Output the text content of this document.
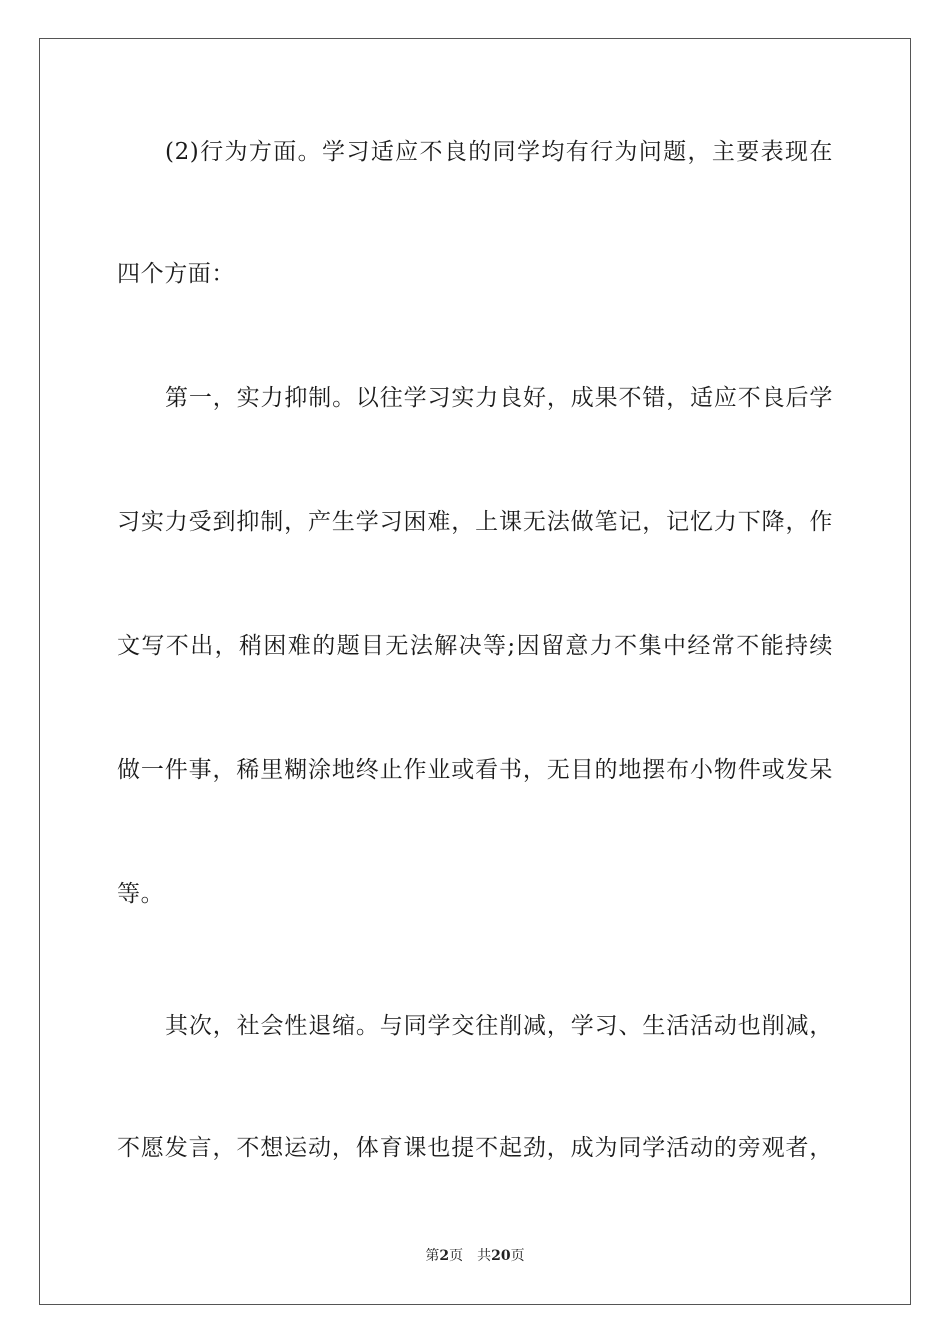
(2)行为方面。学习适应不良的同学均有行为问题，主要表现在
四个方面：
第一，实力抑制。以往学习实力良好，成果不错，适应不良后学
习实力受到抑制，产生学习困难，上课无法做笔记，记忆力下降，作
文写不出，稍困难的题目无法解决等;因留意力不集中经常不能持续
做一件事，稀里糊涂地终止作业或看书，无目的地摆布小物件或发呆
等。
其次，社会性退缩。与同学交往削减，学习、生活活动也削减，
不愿发言，不想运动，体育课也提不起劲，成为同学活动的旁观者，
第2页 共20页
